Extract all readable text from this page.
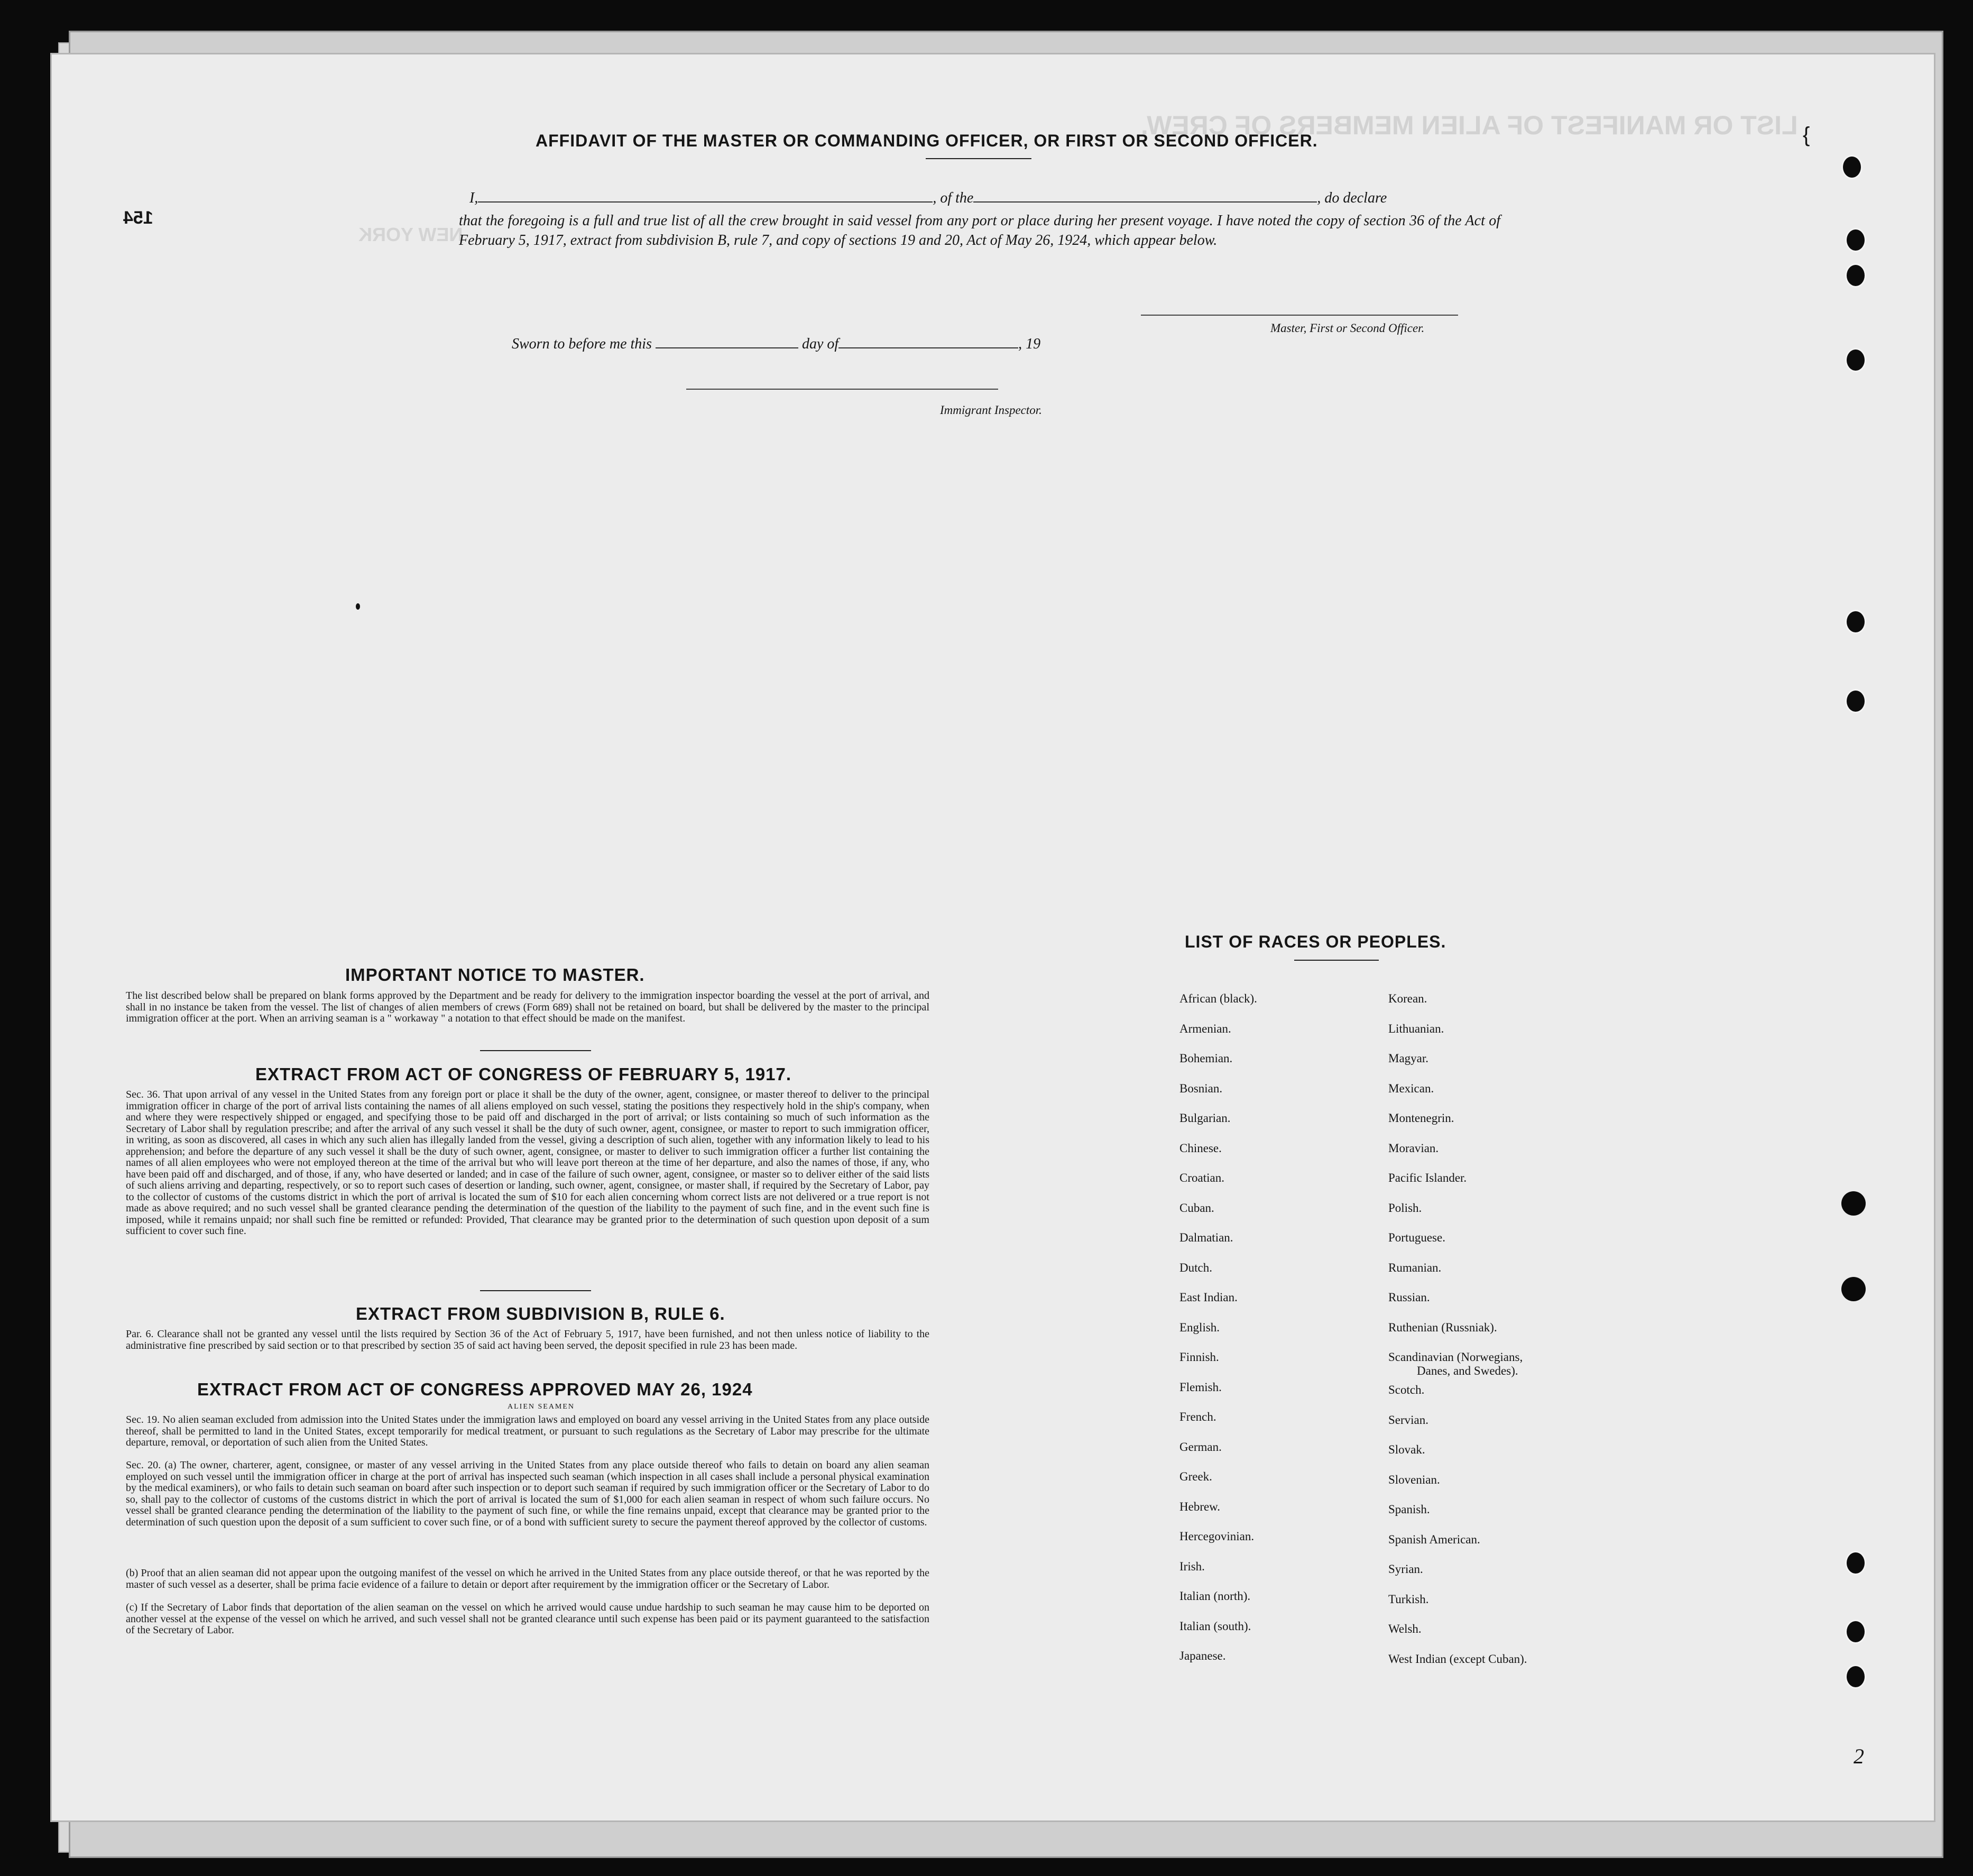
LIST OR MANIFEST OF ALIEN MEMBERS OF CREW.
NEW YORK
154
AFFIDAVIT OF THE MASTER OR COMMANDING OFFICER, OR FIRST OR SECOND OFFICER.
I,	, of the	, do declare
that the foregoing is a full and true list of all the crew brought in said vessel from any port or place during her present voyage. I have noted the copy of section 36 of the Act of February 5, 1917, extract from subdivision B, rule 7, and copy of sections 19 and 20, Act of May 26, 1924, which appear below.
Master, First or Second Officer.
Sworn to before me this	day of	, 19
Immigrant Inspector.
IMPORTANT NOTICE TO MASTER.
The list described below shall be prepared on blank forms approved by the Department and be ready for delivery to the immigration inspector boarding the vessel at the port of arrival, and shall in no instance be taken from the vessel. The list of changes of alien members of crews (Form 689) shall not be retained on board, but shall be delivered by the master to the principal immigration officer at the port. When an arriving seaman is a " workaway " a notation to that effect should be made on the manifest.
EXTRACT FROM ACT OF CONGRESS OF FEBRUARY 5, 1917.
Sec. 36. That upon arrival of any vessel in the United States from any foreign port or place it shall be the duty of the owner, agent, consignee, or master thereof to deliver to the principal immigration officer in charge of the port of arrival lists containing the names of all aliens employed on such vessel, stating the positions they respectively hold in the ship's company, when and where they were respectively shipped or engaged, and specifying those to be paid off and discharged in the port of arrival; or lists containing so much of such information as the Secretary of Labor shall by regulation prescribe; and after the arrival of any such vessel it shall be the duty of such owner, agent, consignee, or master to report to such immigration officer, in writing, as soon as discovered, all cases in which any such alien has illegally landed from the vessel, giving a description of such alien, together with any information likely to lead to his apprehension; and before the departure of any such vessel it shall be the duty of such owner, agent, consignee, or master to deliver to such immigration officer a further list containing the names of all alien employees who were not employed thereon at the time of the arrival but who will leave port thereon at the time of her departure, and also the names of those, if any, who have been paid off and discharged, and of those, if any, who have deserted or landed; and in case of the failure of such owner, agent, consignee, or master so to deliver either of the said lists of such aliens arriving and departing, respectively, or so to report such cases of desertion or landing, such owner, agent, consignee, or master shall, if required by the Secretary of Labor, pay to the collector of customs of the customs district in which the port of arrival is located the sum of $10 for each alien concerning whom correct lists are not delivered or a true report is not made as above required; and no such vessel shall be granted clearance pending the determination of the question of the liability to the payment of such fine, and in the event such fine is imposed, while it remains unpaid; nor shall such fine be remitted or refunded: Provided, That clearance may be granted prior to the determination of such question upon deposit of a sum sufficient to cover such fine.
EXTRACT FROM SUBDIVISION B, RULE 6.
Par. 6. Clearance shall not be granted any vessel until the lists required by Section 36 of the Act of February 5, 1917, have been furnished, and not then unless notice of liability to the administrative fine prescribed by said section or to that prescribed by section 35 of said act having been served, the deposit specified in rule 23 has been made.
EXTRACT FROM ACT OF CONGRESS APPROVED MAY 26, 1924
ALIEN SEAMEN
Sec. 19. No alien seaman excluded from admission into the United States under the immigration laws and employed on board any vessel arriving in the United States from any place outside thereof, shall be permitted to land in the United States, except temporarily for medical treatment, or pursuant to such regulations as the Secretary of Labor may prescribe for the ultimate departure, removal, or deportation of such alien from the United States.
Sec. 20. (a) The owner, charterer, agent, consignee, or master of any vessel arriving in the United States from any place outside thereof who fails to detain on board any alien seaman employed on such vessel until the immigration officer in charge at the port of arrival has inspected such seaman (which inspection in all cases shall include a personal physical examination by the medical examiners), or who fails to detain such seaman on board after such inspection or to deport such seaman if required by such immigration officer or the Secretary of Labor to do so, shall pay to the collector of customs of the customs district in which the port of arrival is located the sum of $1,000 for each alien seaman in respect of whom such failure occurs. No vessel shall be granted clearance pending the determination of the liability to the payment of such fine, or while the fine remains unpaid, except that clearance may be granted prior to the determination of such question upon the deposit of a sum sufficient to cover such fine, or of a bond with sufficient surety to secure the payment thereof approved by the collector of customs.
(b) Proof that an alien seaman did not appear upon the outgoing manifest of the vessel on which he arrived in the United States from any place outside thereof, or that he was reported by the master of such vessel as a deserter, shall be prima facie evidence of a failure to detain or deport after requirement by the immigration officer or the Secretary of Labor.
(c) If the Secretary of Labor finds that deportation of the alien seaman on the vessel on which he arrived would cause undue hardship to such seaman he may cause him to be deported on another vessel at the expense of the vessel on which he arrived, and such vessel shall not be granted clearance until such expense has been paid or its payment guaranteed to the satisfaction of the Secretary of Labor.
LIST OF RACES OR PEOPLES.
African (black).
Armenian.
Bohemian.
Bosnian.
Bulgarian.
Chinese.
Croatian.
Cuban.
Dalmatian.
Dutch.
East Indian.
English.
Finnish.
Flemish.
French.
German.
Greek.
Hebrew.
Hercegovinian.
Irish.
Italian (north).
Italian (south).
Japanese.
Korean.
Lithuanian.
Magyar.
Mexican.
Montenegrin.
Moravian.
Pacific Islander.
Polish.
Portuguese.
Rumanian.
Russian.
Ruthenian (Russniak).
Scandinavian (Norwegians,
Danes, and Swedes).
Scotch.
Servian.
Slovak.
Slovenian.
Spanish.
Spanish American.
Syrian.
Turkish.
Welsh.
West Indian (except Cuban).
{
2
